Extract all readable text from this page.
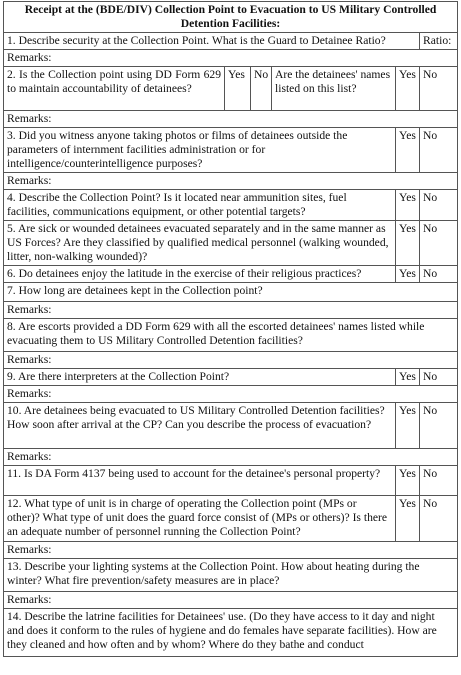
Receipt at the (BDE/DIV) Collection Point to Evacuation to US Military Controlled Detention Facilities:					
1. Describe security at the Collection Point. What is the Guard to Detainee Ratio?					Ratio:
Remarks:					

2. Is the Collection point using DD Form 629 to maintain accountability of detainees?	Yes	No	Are the detainees' names listed on this list?	Yes	No
Remarks:					
3. Did you witness anyone taking photos or films of detainees outside the parameters of internment facilities administration or for intelligence/counterintelligence purposes?				Yes	No
Remarks:					
4. Describe the Collection Point? Is it located near ammunition sites, fuel facilities, communications equipment, or other potential targets?				Yes	No
5. Are sick or wounded detainees evacuated separately and in the same manner as US Forces? Are they classified by qualified medical personnel (walking wounded, litter, non-walking wounded)?				Yes	No
6. Do detainees enjoy the latitude in the exercise of their religious practices?				Yes	No
7. How long are detainees kept in the Collection point?					
Remarks:					
8. Are escorts provided a DD Form 629 with all the escorted detainees' names listed while evacuating them to US Military Controlled Detention facilities?					
Remarks:					
9. Are there interpreters at the Collection Point?				Yes	No
Remarks:					
10. Are detainees being evacuated to US Military Controlled Detention facilities? How soon after arrival at the CP? Can you describe the process of evacuation?				Yes	No
Remarks:					
11. Is DA Form 4137 being used to account for the detainee's personal property?				Yes	No
12. What type of unit is in charge of operating the Collection point (MPs or other)? What type of unit does the guard force consist of (MPs or others)? Is there an adequate number of personnel running the Collection Point?				Yes	No
Remarks:					
13. Describe your lighting systems at the Collection Point. How about heating during the winter? What fire prevention/safety measures are in place?					
Remarks:					
14. Describe the latrine facilities for Detainees' use. (Do they have access to it day and night and does it conform to the rules of hygiene and do females have separate facilities). How are they cleaned and how often and by whom? Where do they bathe and conduct					
